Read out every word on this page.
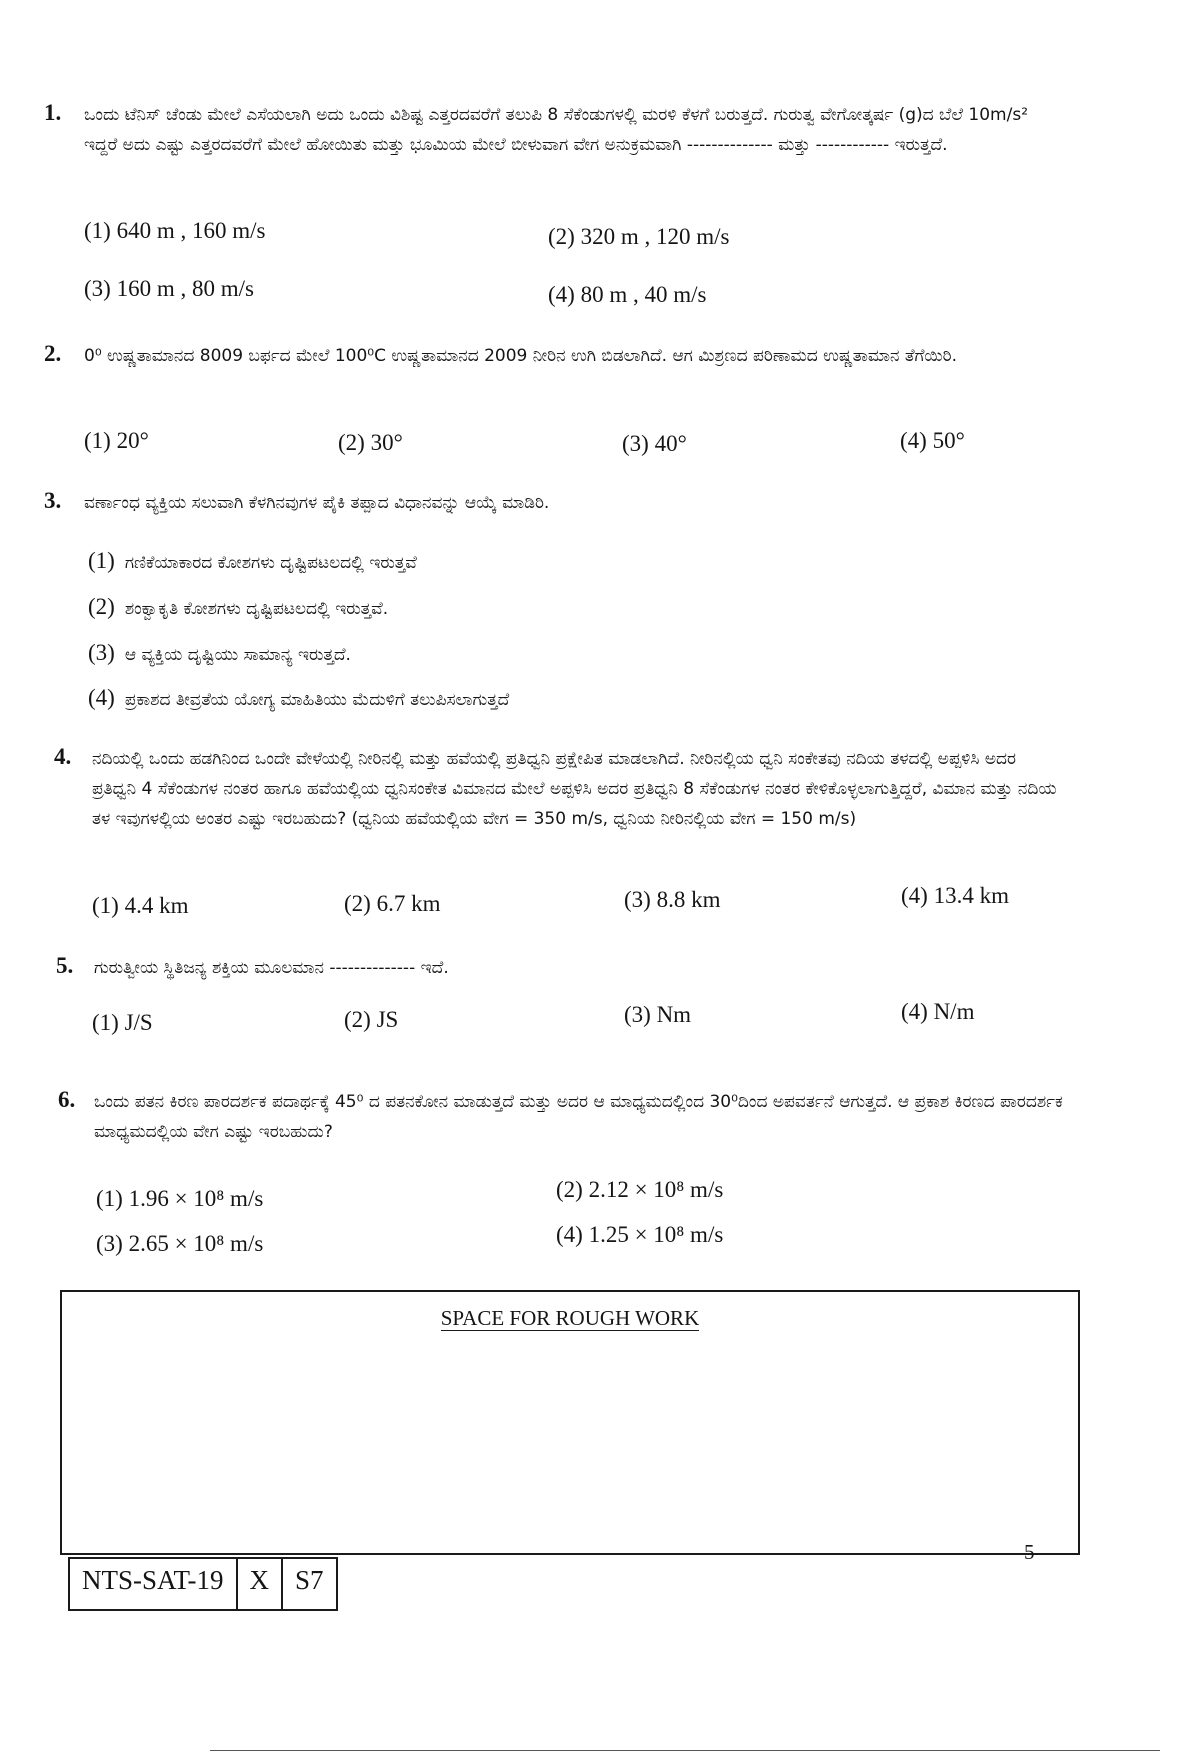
1. ಒಂದು ಟೆನಿಸ್ ಚೆಂಡು ಮೇಲೆ ಎಸೆಯಲಾಗಿ ಅದು ಒಂದು ವಿಶಿಷ್ಟ ಎತ್ತರದವರೆಗೆ ತಲುಪಿ 8 ಸೆಕೆಂಡುಗಳಲ್ಲಿ ಮರಳಿ ಕೆಳಗೆ ಬರುತ್ತದೆ. ಗುರುತ್ವ ವೇಗೋತ್ಕರ್ಷ (g)ದ ಬೆಲೆ 10m/s² ಇದ್ದರೆ ಅದು ಎಷ್ಟು ಎತ್ತರದವರೆಗೆ ಮೇಲೆ ಹೋಯಿತು ಮತ್ತು ಭೂಮಿಯ ಮೇಲೆ ಬೀಳುವಾಗ ವೇಗ ಅನುಕ್ರಮವಾಗಿ -------------- ಮತ್ತು ------------ ಇರುತ್ತದೆ.
(1) 640 m , 160 m/s	(2) 320 m , 120 m/s
(3) 160 m , 80 m/s	(4) 80 m , 40 m/s
2. 0⁰ ಉಷ್ಣತಾಮಾನದ 8009 ಬರ್ಫದ ಮೇಲೆ 100⁰C ಉಷ್ಣತಾಮಾನದ 2009 ನೀರಿನ ಉಗಿ ಬಿಡಲಾಗಿದೆ. ಆಗ ಮಿಶ್ರಣದ ಪರಿಣಾಮದ ಉಷ್ಣತಾಮಾನ ತೆಗೆಯಿರಿ.
(1) 20°	(2) 30°	(3) 40°	(4) 50°
3. ವರ್ಣಾಂಧ ವ್ಯಕ್ತಿಯ ಸಲುವಾಗಿ ಕೆಳಗಿನವುಗಳ ಪೈಕಿ ತಪ್ಪಾದ ವಿಧಾನವನ್ನು ಆಯ್ಕೆ ಮಾಡಿರಿ.
(1) ಗಣಿಕೆಯಾಕಾರದ ಕೋಶಗಳು ದೃಷ್ಟಿಪಟಲದಲ್ಲಿ ಇರುತ್ತವೆ
(2) ಶಂಕ್ವಾಕೃತಿ ಕೋಶಗಳು ದೃಷ್ಟಿಪಟಲದಲ್ಲಿ ಇರುತ್ತವೆ.
(3) ಆ ವ್ಯಕ್ತಿಯ ದೃಷ್ಟಿಯು ಸಾಮಾನ್ಯ ಇರುತ್ತದೆ.
(4) ಪ್ರಕಾಶದ ತೀವ್ರತೆಯ ಯೋಗ್ಯ ಮಾಹಿತಿಯು ಮೆದುಳಿಗೆ ತಲುಪಿಸಲಾಗುತ್ತದೆ
4. ನದಿಯಲ್ಲಿ ಒಂದು ಹಡಗಿನಿಂದ ಒಂದೇ ವೇಳೆಯಲ್ಲಿ ನೀರಿನಲ್ಲಿ ಮತ್ತು ಹವೆಯಲ್ಲಿ ಪ್ರತಿಧ್ವನಿ ಪ್ರಕ್ಷೇಪಿತ ಮಾಡಲಾಗಿದೆ. ನೀರಿನಲ್ಲಿಯ ಧ್ವನಿ ಸಂಕೇತವು ನದಿಯ ತಳದಲ್ಲಿ ಅಪ್ಪಳಿಸಿ ಅದರ ಪ್ರತಿಧ್ವನಿ 4 ಸೆಕೆಂಡುಗಳ ನಂತರ ಹಾಗೂ ಹವೆಯಲ್ಲಿಯ ಧ್ವನಿಸಂಕೇತ ವಿಮಾನದ ಮೇಲೆ ಅಪ್ಪಳಿಸಿ ಅದರ ಪ್ರತಿಧ್ವನಿ 8 ಸೆಕೆಂಡುಗಳ ನಂತರ ಕೇಳಿಕೊಳ್ಳಲಾಗುತ್ತಿದ್ದರೆ, ವಿಮಾನ ಮತ್ತು ನದಿಯ ತಳ ಇವುಗಳಲ್ಲಿಯ ಅಂತರ ಎಷ್ಟು ಇರಬಹುದು? (ಧ್ವನಿಯ ಹವೆಯಲ್ಲಿಯ ವೇಗ = 350 m/s, ಧ್ವನಿಯ ನೀರಿನಲ್ಲಿಯ ವೇಗ = 150 m/s)
(1) 4.4 km	(2) 6.7 km	(3) 8.8 km	(4) 13.4 km
5. ಗುರುತ್ವೀಯ ಸ್ಥಿತಿಜನ್ಯ ಶಕ್ತಿಯ ಮೂಲಮಾನ -------------- ಇದೆ.
(1) J/S	(2) JS	(3) Nm	(4) N/m
6. ಒಂದು ಪತನ ಕಿರಣ ಪಾರದರ್ಶಕ ಪದಾರ್ಥಕ್ಕೆ 45⁰ ದ ಪತನಕೋನ ಮಾಡುತ್ತದೆ ಮತ್ತು ಅದರ ಆ ಮಾಧ್ಯಮದಲ್ಲಿಂದ 30⁰ದಿಂದ ಅಪವರ್ತನೆ ಆಗುತ್ತದೆ. ಆ ಪ್ರಕಾಶ ಕಿರಣದ ಪಾರದರ್ಶಕ ಮಾಧ್ಯಮದಲ್ಲಿಯ ವೇಗ ಎಷ್ಟು ಇರಬಹುದು?
(1) 1.96 × 10⁸ m/s	(2) 2.12 × 10⁸ m/s
(3) 2.65 × 10⁸ m/s	(4) 1.25 × 10⁸ m/s
SPACE FOR ROUGH WORK
5
NTS-SAT-19 X S7
